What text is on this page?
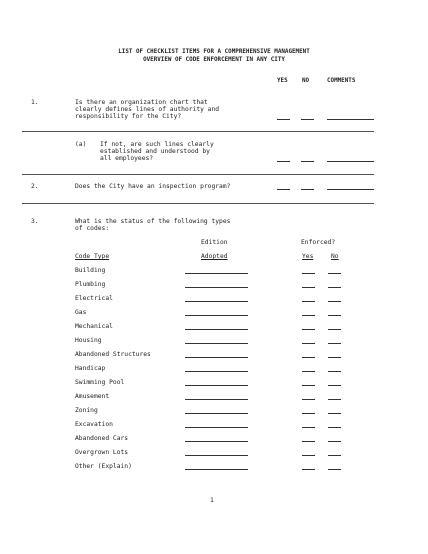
LIST OF CHECKLIST ITEMS FOR A COMPREHENSIVE MANAGEMENT
OVERVIEW OF CODE ENFORCEMENT IN ANY CITY
YES NO	COMMENTS
1.	Is there an organization chart that
clearly defines lines of authority and
responsibility for the City?
(a) If not, are such lines clearly
established and understood by
all employees?
2.	Does the City have an inspection program?
3.	What is the status of the following types
of codes:
Edition	Enforced?
Code Type	Adopted	Yes	No
Building
Plumbing
Electrical
Gas
Mechanical
Housing
Abandoned Structures
Handicap
Swimming Pool
Amusement
Zoning
Excavation
Abandoned Cars
Overgrown Lots
Other (Explain)
1
